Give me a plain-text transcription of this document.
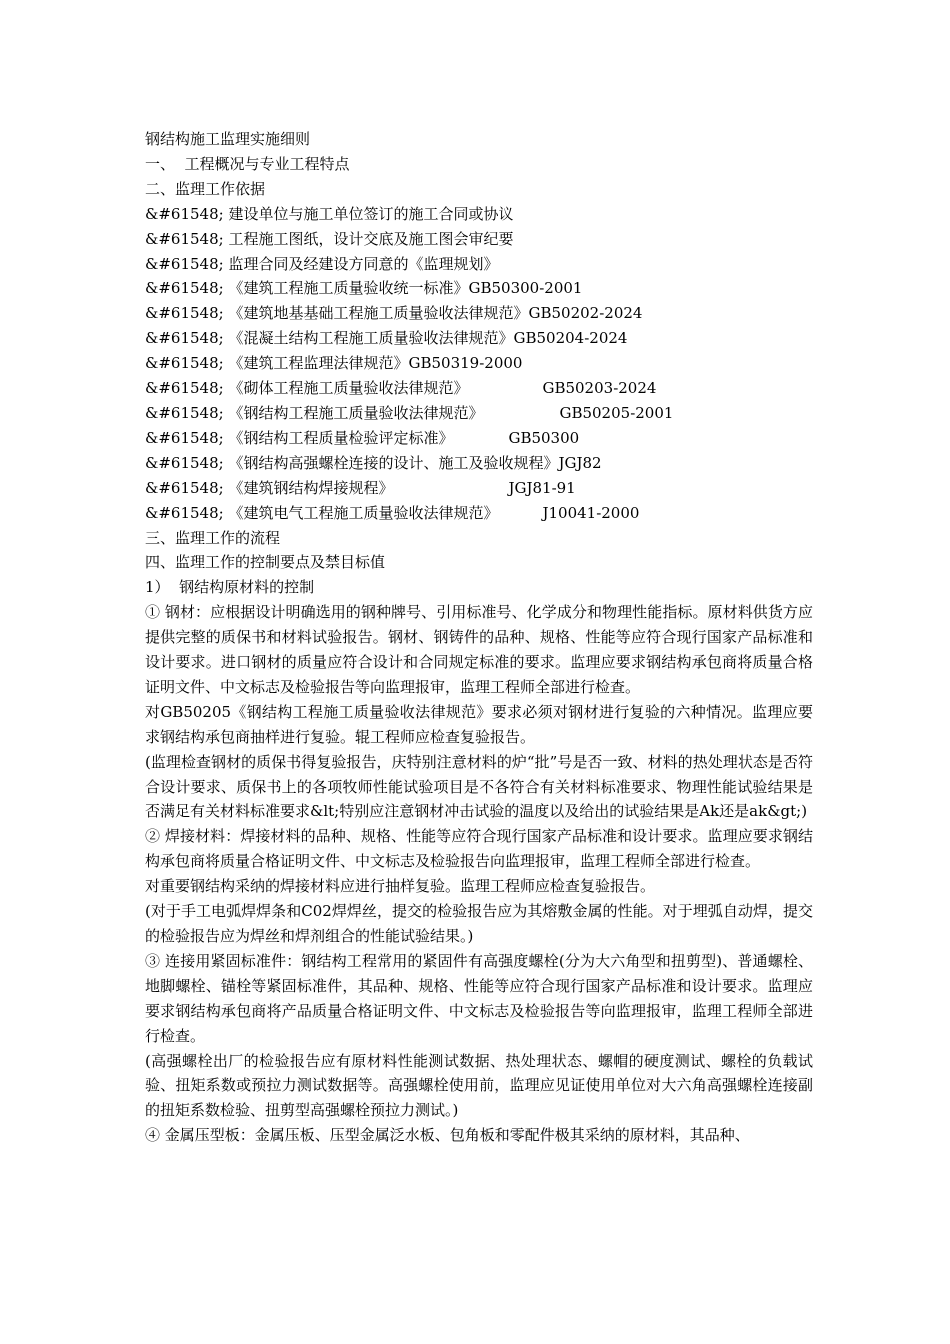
钢结构施工监理实施细则

一、  工程概况与专业工程特点

二、监理工作依据

&#61548; 建设单位与施工单位签订的施工合同或协议

&#61548; 工程施工图纸，设计交底及施工图会审纪要

&#61548; 监理合同及经建设方同意的《监理规划》

&#61548; 《建筑工程施工质量验收统一标准》 GB50300-2001

&#61548; 《建筑地基基础工程施工质量验收法律规范》 GB50202-2024

&#61548; 《混凝土结构工程施工质量验收法律规范》 GB50204-2024

&#61548; 《建筑工程监理法律规范》 GB50319-2000

&#61548; 《砌体工程施工质量验收法律规范》	GB50203-2024

&#61548; 《钢结构工程施工质量验收法律规范》	GB50205-2001

&#61548; 《钢结构工程质量检验评定标准》	GB50300

&#61548; 《钢结构高强螺栓连接的设计、施工及验收规程》 JGJ82

&#61548; 《建筑钢结构焊接规程》	JGJ81-91

&#61548; 《建筑电气工程施工质量验收法律规范》	J10041-2000

三、监理工作的流程

四、监理工作的控制要点及禁目标值

1）  钢结构原材料的控制

① 钢材：应根据设计明确选用的钢种牌号、引用标准号、化学成分和物理性能指标。原材料供货方应提供完整的质保书和材料试验报告。钢材、钢铸件的品种、规格、性能等应符合现行国家产品标准和设计要求。进口钢材的质量应符合设计和合同规定标准的要求。监理应要求钢结构承包商将质量合格证明文件、中文标志及检验报告等向监理报审，监理工程师全部进行检查。

对GB50205《钢结构工程施工质量验收法律规范》要求必须对钢材进行复验的六种情况。监理应要求钢结构承包商抽样进行复验。辊工程师应检查复验报告。

(监理检查钢材的质保书得复验报告，庆特别注意材料的炉“批”号是否一致、材料的热处理状态是否符合设计要求、质保书上的各项牧师性能试验项目是不各符合有关材料标准要求、物理性能试验结果是否满足有关材料标准要求&lt;特别应注意钢材冲击试验的温度以及给出的试验结果是Ak还是ak&gt;)

② 焊接材料：焊接材料的品种、规格、性能等应符合现行国家产品标准和设计要求。监理应要求钢结构承包商将质量合格证明文件、中文标志及检验报告向监理报审，监理工程师全部进行检查。

对重要钢结构采纳的焊接材料应进行抽样复验。监理工程师应检查复验报告。

(对于手工电弧焊焊条和C02焊焊丝，提交的检验报告应为其熔敷金属的性能。对于埋弧自动焊，提交的检验报告应为焊丝和焊剂组合的性能试验结果。)

③ 连接用紧固标准件：钢结构工程常用的紧固件有高强度螺栓(分为大六角型和扭剪型)、普通螺栓、地脚螺栓、锚栓等紧固标准件，其品种、规格、性能等应符合现行国家产品标准和设计要求。监理应要求钢结构承包商将产品质量合格证明文件、中文标志及检验报告等向监理报审，监理工程师全部进行检查。

(高强螺栓出厂的检验报告应有原材料性能测试数据、热处理状态、螺帽的硬度测试、螺栓的负载试验、扭矩系数或预拉力测试数据等。高强螺栓使用前，监理应见证使用单位对大六角高强螺栓连接副的扭矩系数检验、扭剪型高强螺栓预拉力测试。)

④ 金属压型板：金属压板、压型金属泛水板、包角板和零配件极其采纳的原材料，其品种、
